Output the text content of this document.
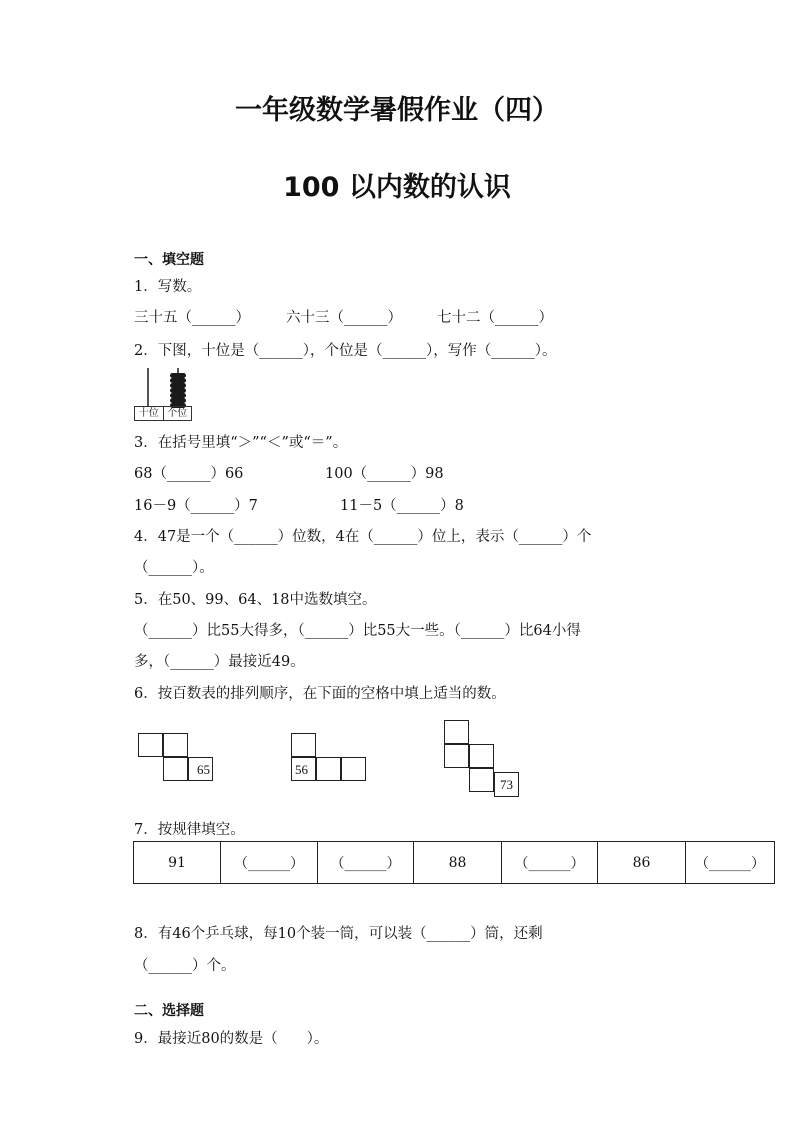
一年级数学暑假作业（四）
100 以内数的认识
一、填空题
1．写数。
三十五（______） 六十三（______） 七十二（______）
2．下图，十位是（______），个位是（______），写作（______）。
十位 个位
3．在括号里填“＞”“＜”或“＝”。
68（______）66	100（______）98
16－9（______）7	11－5（______）8
4．47是一个（______）位数，4在（______）位上，表示（______）个
（______）。
5．在50、99、64、18中选数填空。
（______）比55大得多，（______）比55大一些。（______）比64小得
多，（______）最接近49。
6．按百数表的排列顺序，在下面的空格中填上适当的数。
65	56
73
7．按规律填空。
91	（______）	（______）	88	（______）	86	（______）
8．有46个乒乓球，每10个装一筒，可以装（______）筒，还剩
（______）个。
二、选择题
9．最接近80的数是（　　）。
